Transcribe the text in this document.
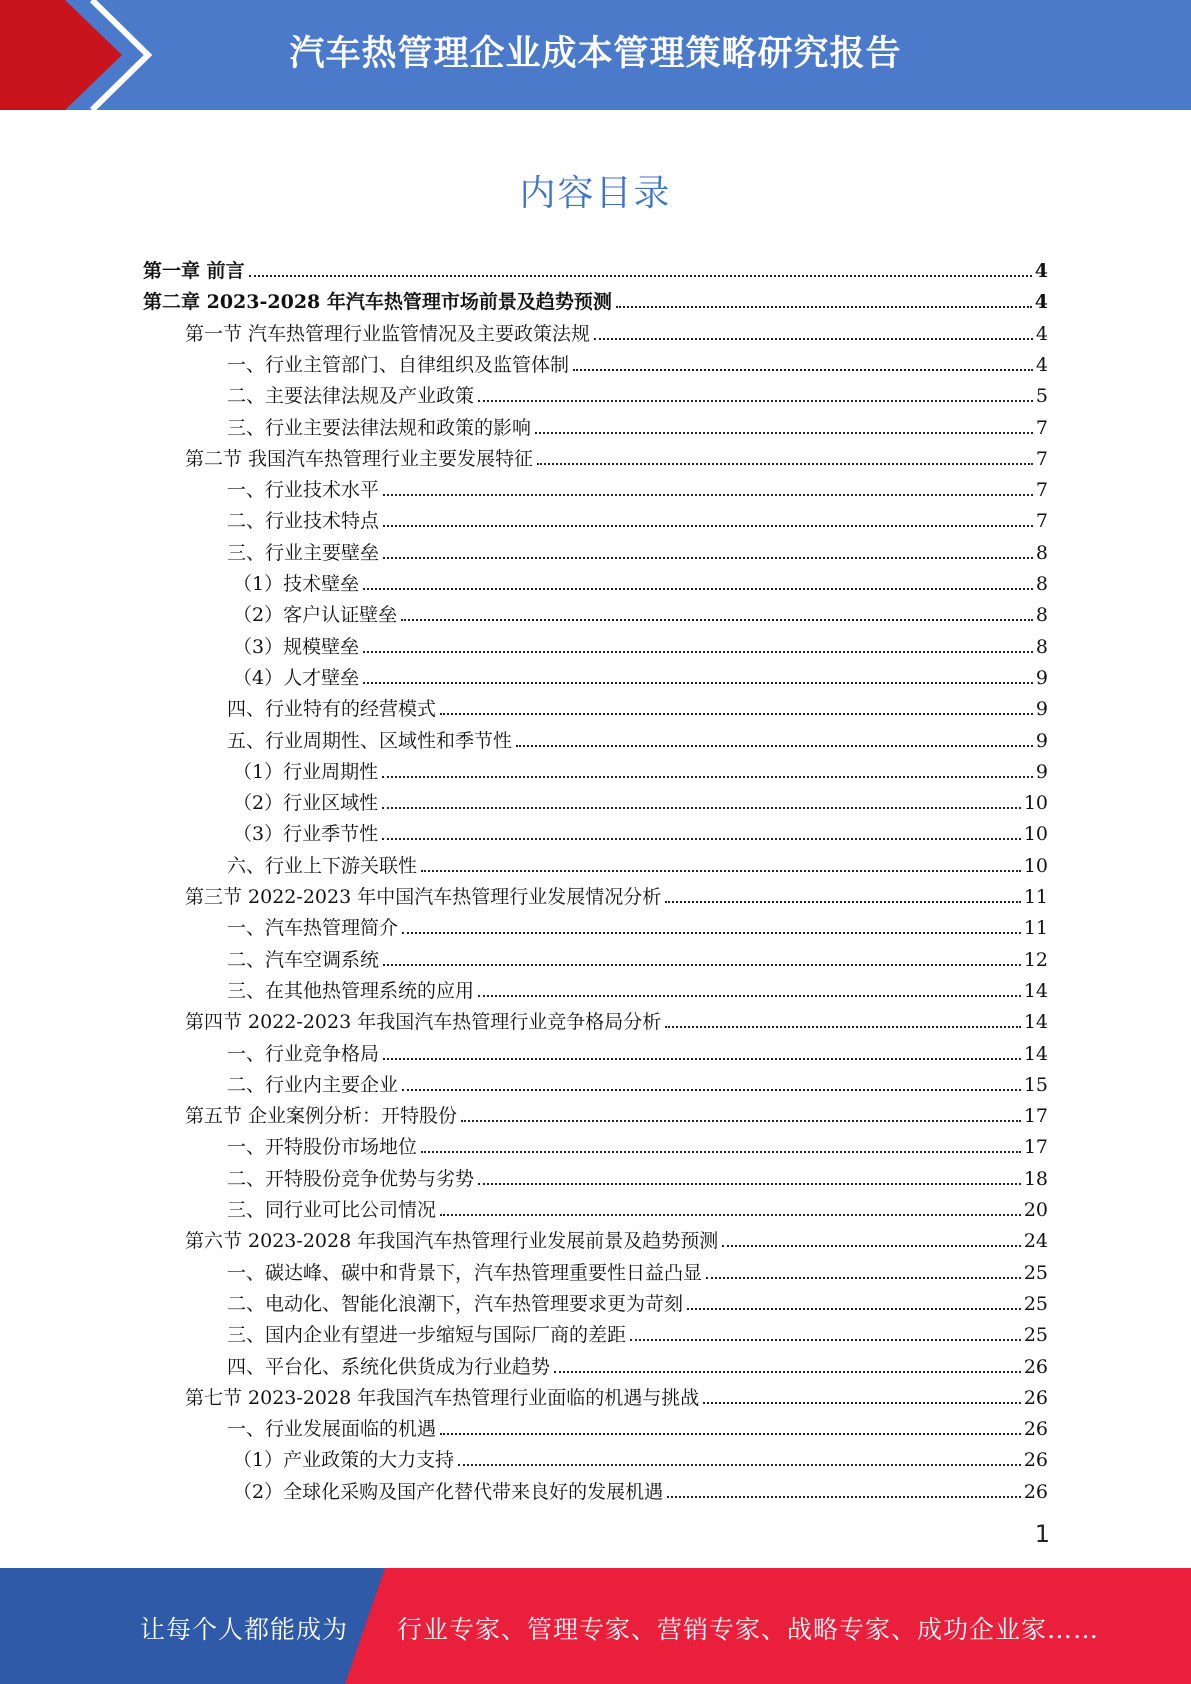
汽车热管理企业成本管理策略研究报告
内容目录
第一章 前言	4
第二章 2023-2028 年汽车热管理市场前景及趋势预测	4
第一节 汽车热管理行业监管情况及主要政策法规	4
一、行业主管部门、自律组织及监管体制	4
二、主要法律法规及产业政策	5
三、行业主要法律法规和政策的影响	7
第二节 我国汽车热管理行业主要发展特征	7
一、行业技术水平	7
二、行业技术特点	7
三、行业主要壁垒	8
（1）技术壁垒	8
（2）客户认证壁垒	8
（3）规模壁垒	8
（4）人才壁垒	9
四、行业特有的经营模式	9
五、行业周期性、区域性和季节性	9
（1）行业周期性	9
（2）行业区域性	10
（3）行业季节性	10
六、行业上下游关联性	10
第三节 2022-2023 年中国汽车热管理行业发展情况分析	11
一、汽车热管理简介	11
二、汽车空调系统	12
三、在其他热管理系统的应用	14
第四节 2022-2023 年我国汽车热管理行业竞争格局分析	14
一、行业竞争格局	14
二、行业内主要企业	15
第五节 企业案例分析：开特股份	17
一、开特股份市场地位	17
二、开特股份竞争优势与劣势	18
三、同行业可比公司情况	20
第六节 2023-2028 年我国汽车热管理行业发展前景及趋势预测	24
一、碳达峰、碳中和背景下，汽车热管理重要性日益凸显	25
二、电动化、智能化浪潮下，汽车热管理要求更为苛刻	25
三、国内企业有望进一步缩短与国际厂商的差距	25
四、平台化、系统化供货成为行业趋势	26
第七节 2023-2028 年我国汽车热管理行业面临的机遇与挑战	26
一、行业发展面临的机遇	26
（1）产业政策的大力支持	26
（2）全球化采购及国产化替代带来良好的发展机遇	26
1
让每个人都能成为 行业专家、管理专家、营销专家、战略专家、成功企业家……
